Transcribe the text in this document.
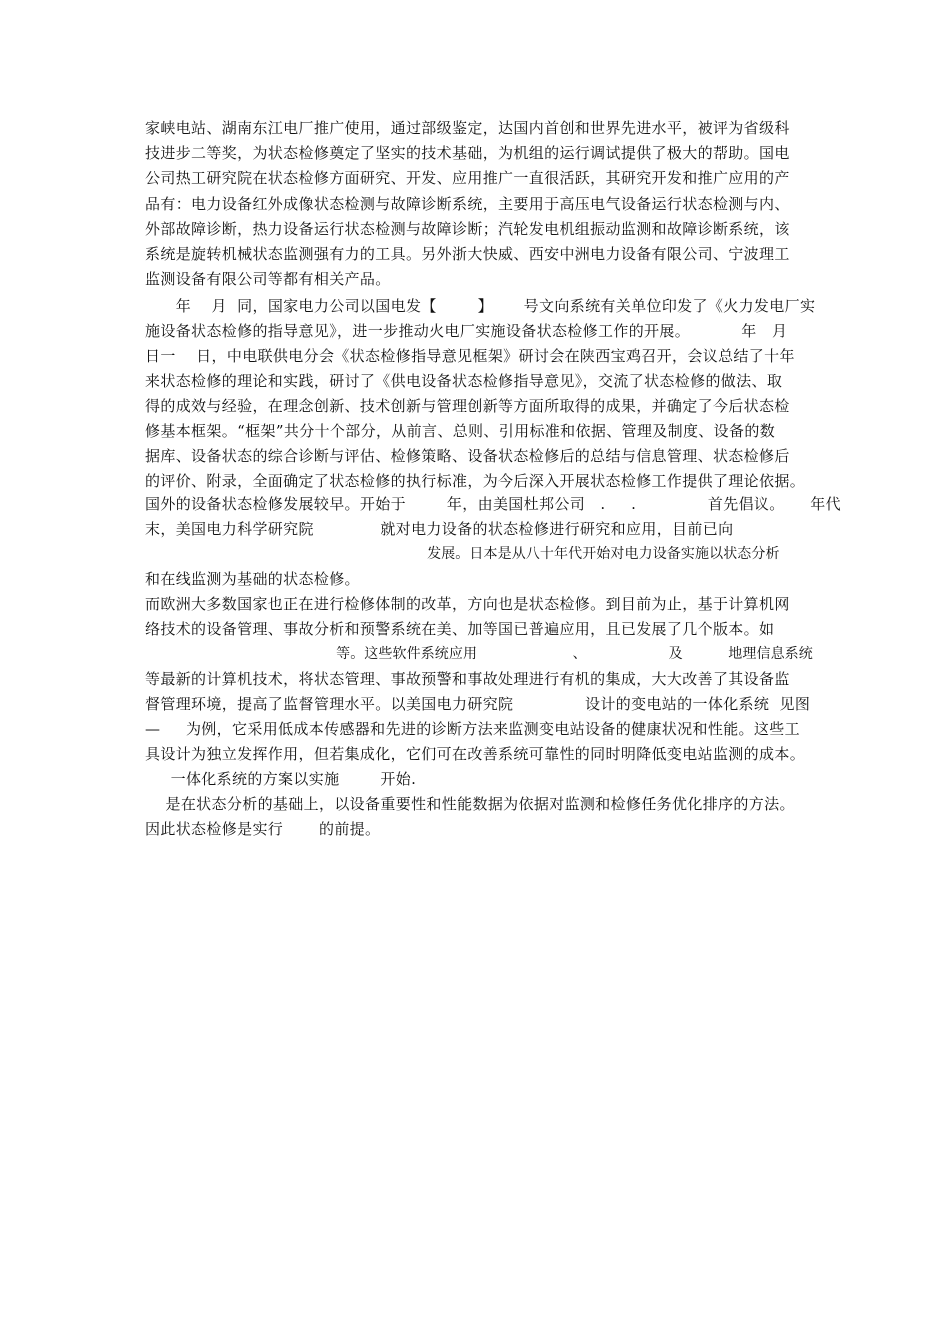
家峡电站、湖南东江电厂推广使用，通过部级鉴定，达国内首创和世界先进水平，被评为省级科
技进步二等奖，为状态检修奠定了坚实的技术基础，为机组的运行调试提供了极大的帮助。国电
公司热工研究院在状态检修方面研究、开发、应用推广一直很活跃，其研究开发和推广应用的产
品有：电力设备红外成像状态检测与故障诊断系统，主要用于高压电气设备运行状态检测与内、
外部故障诊断，热力设备运行状态检测与故障诊断；汽轮发电机组振动监测和故障诊断系统，该
系统是旋转机械状态监测强有力的工具。另外浙大快威、西安中洲电力设备有限公司、宁波理工
监测设备有限公司等都有相关产品。
年    月  同，国家电力公司以国电发【        】      号文向系统有关单位印发了《火力发电厂实
施设备状态检修的指导意见》，进一步推动火电厂实施设备状态检修工作的开展。          年   月
日一    日，中电联供电分会《状态检修指导意见框架》研讨会在陕西宝鸡召开，会议总结了十年
来状态检修的理论和实践，研讨了《供电设备状态检修指导意见》，交流了状态检修的做法、取
得的成效与经验，在理念创新、技术创新与管理创新等方面所取得的成果，并确定了今后状态检
修基本框架。“框架”共分十个部分，从前言、总则、引用标准和依据、管理及制度、设备的数
据库、设备状态的综合诊断与评估、检修策略、设备状态检修后的总结与信息管理、状态检修后
的评价、附录，全面确定了状态检修的执行标准，为今后深入开展状态检修工作提供了理论依据。
国外的设备状态检修发展较早。开始于        年，由美国杜邦公司   .     .              首先倡议。     年代
末，美国电力科学研究院             就对电力设备的状态检修进行研究和应用，目前已向
发展。日本是从八十年代开始对电力设备实施以状态分析
和在线监测为基础的状态检修。
而欧洲大多数国家也正在进行检修体制的改革，方向也是状态检修。到目前为止，基于计算机网
络技术的设备管理、事故分析和预警系统在美、加等国已普遍应用，且已发展了几个版本。如
等。这些软件系统应用                     、                  及          地理信息系统
等最新的计算机技术，将状态管理、事故预警和事故处理进行有机的集成，大大改善了其设备监
督管理环境，提高了监督管理水平。以美国电力研究院              设计的变电站的一体化系统  见图
—     为例，它采用低成本传感器和先进的诊断方法来监测变电站设备的健康状况和性能。这些工
具设计为独立发挥作用，但若集成化，它们可在改善系统可靠性的同时明降低变电站监测的成本。
一体化系统的方案以实施        开始.
是在状态分析的基础上，以设备重要性和性能数据为依据对监测和检修任务优化排序的方法。
因此状态检修是实行       的前提。
